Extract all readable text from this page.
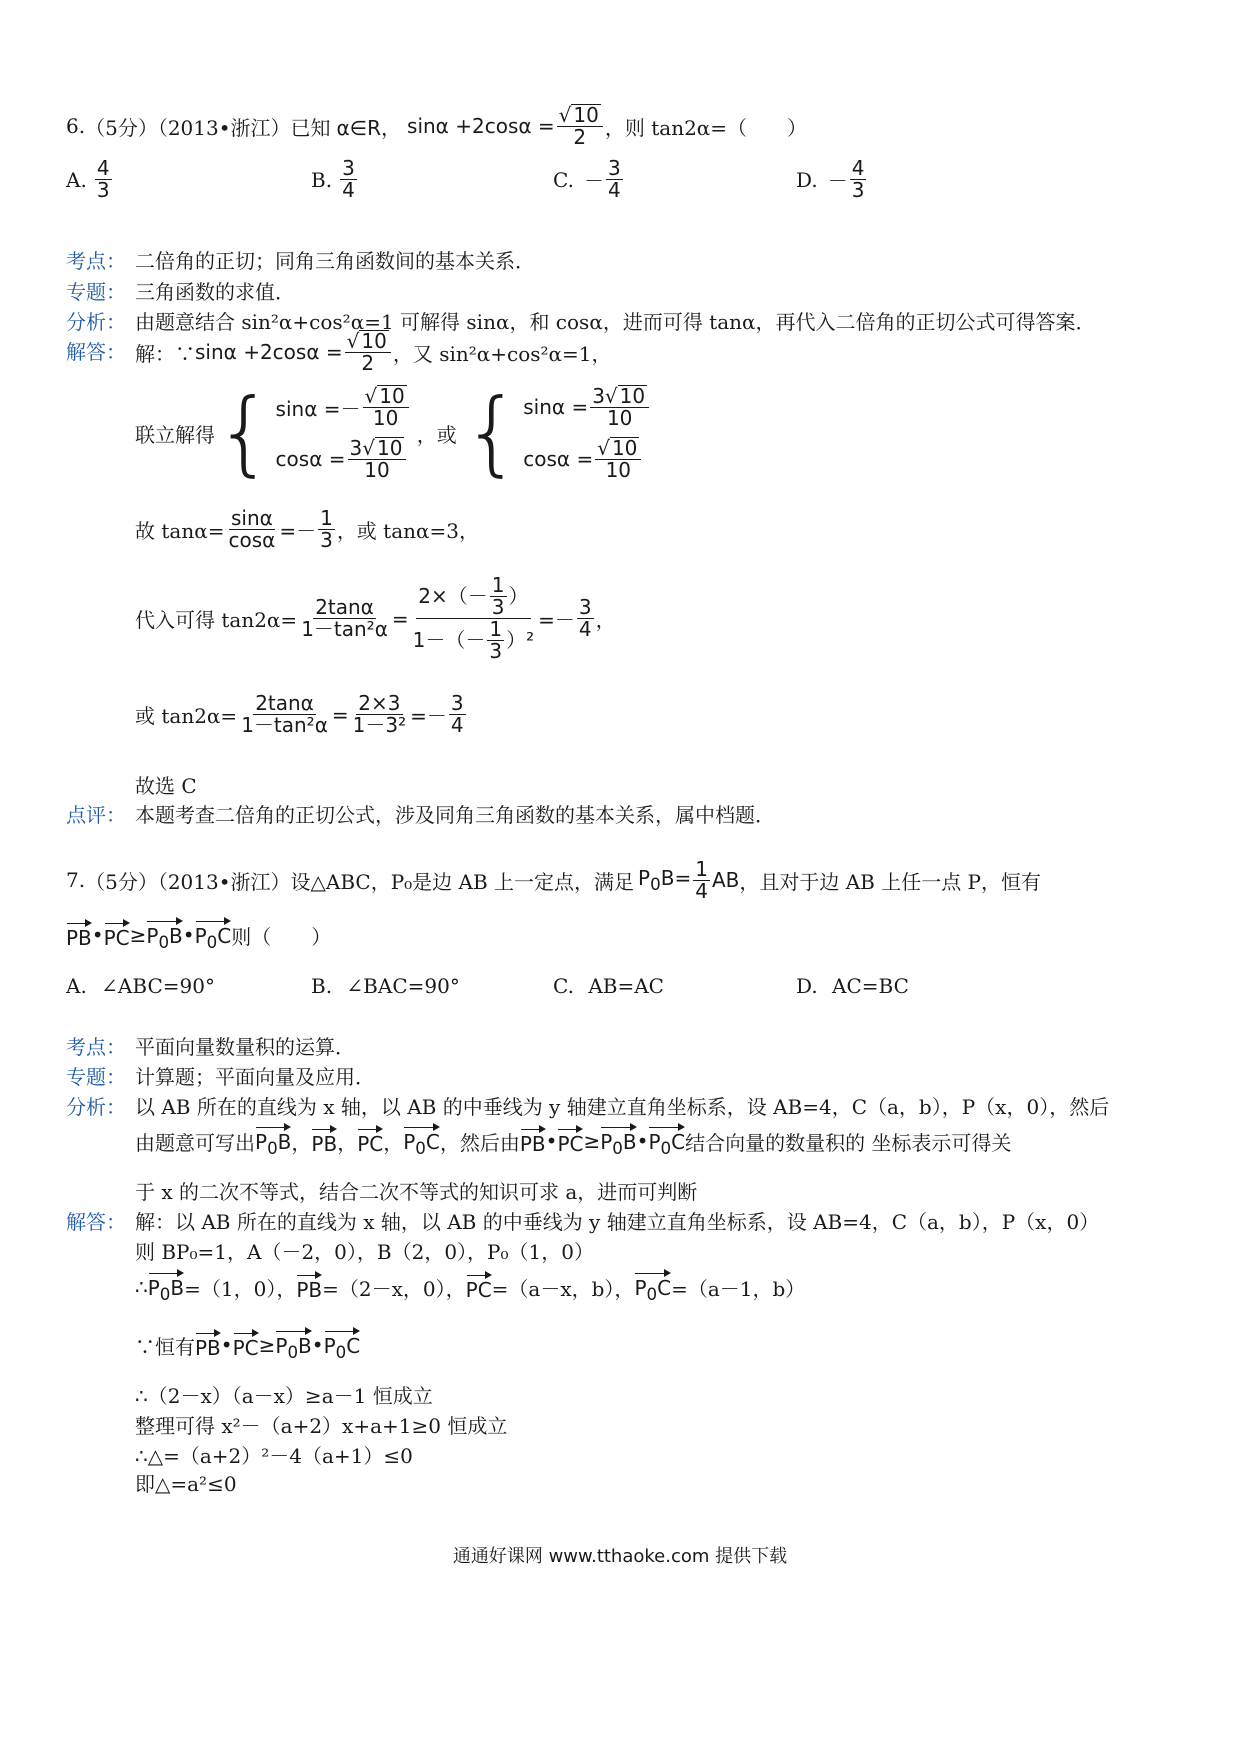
6. （5分）（2013•浙江）已知 α∈R， $\sin\alpha +2\cos\alpha = \frac{√ 10}{2}$ ，则 tan2α=（　　）
A. $\frac{4}{3}$	B. $\frac{3}{4}$	C. － $\frac{3}{4}$	D. － $\frac{4}{3}$
考点： 二倍角的正切；同角三角函数间的基本关系．
专题： 三角函数的求值．
分析： 由题意结合 sin²α+cos²α=1 可解得 sinα，和 cosα，进而可得 tanα，再代入二倍角的正切公式可得答案．
解答： 解：∵ $\sin\alpha +2\cos\alpha = \frac{√ 10}{2}$ ，又 sin²α+cos²α=1，
联立解得 { $\sin\alpha =- \frac{√ 10}{10}$
$\cos\alpha = \frac{3√ 10}{10}$
，或 { $\sin\alpha = \frac{3√ 10}{10}$
$\cos\alpha = \frac{√ 10}{10}$
故 $\tan\alpha= \frac{\sin\alpha}{\cos\alpha} =- \frac{1}{3}$ ，或 tanα=3，
代入可得 $\tan 2\alpha= \frac{2\tan\alpha}{\text{1－tan²α}} = \frac{2\times(- \frac{1}{3} )}{1-(- \frac{1}{3} )^2} =- \frac{3}{4}$ ，
或 $\tan 2\alpha= \frac{2\tan\alpha}{\text{1－tan²α}} = \frac{2\times 3}{\text{1－3²}} =- \frac{3}{4}$
故选 C
点评： 本题考查二倍角的正切公式，涉及同角三角函数的基本关系，属中档题．
7. （5分）（2013•浙江）设△ABC，P₀是边 AB 上一定点，满足 $P_0B= \frac{1}{4}$ AB ，且对于边 AB 上任一点 P，恒有
PB • PC ≥ $P_0B$ • $P_0C$ 则（　　）
A. ∠ABC=90°	B. ∠BAC=90°	C. AB=AC	D. AC=BC
考点： 平面向量数量积的运算．
专题： 计算题；平面向量及应用．
分析： 以 AB 所在的直线为 x 轴，以 AB 的中垂线为 y 轴建立直角坐标系，设 AB=4，C（a，b），P（x，0），然后
由题意可写出 $P_0B$ ， PB ， PC ， $P_0C$ ，然后由 PB • PC ≥ $P_0B$ • $P_0C$ 结合向量的数量积的 坐标表示可得关
于 x 的二次不等式，结合二次不等式的知识可求 a，进而可判断
解答： 解：以 AB 所在的直线为 x 轴，以 AB 的中垂线为 y 轴建立直角坐标系，设 AB=4，C（a，b），P（x，0）
则 BP₀=1，A（－2，0），B（2，0），P₀（1，0）
∴ $P_0B =(1$，0）， PB =（2－x，0）， PC =（a－x，b）， $P_0C =(a-1$，b）
∵恒有 PB • PC ≥ $P_0B$ • $P_0C$
∴（2－x）（a－x）≥a－1 恒成立
整理可得 x²－（a+2）x+a+1≥0 恒成立
∴△=（a+2）²－4（a+1）≤0
即△=a²≤0
通通好课网 www.tthaoke.com 提供下载
